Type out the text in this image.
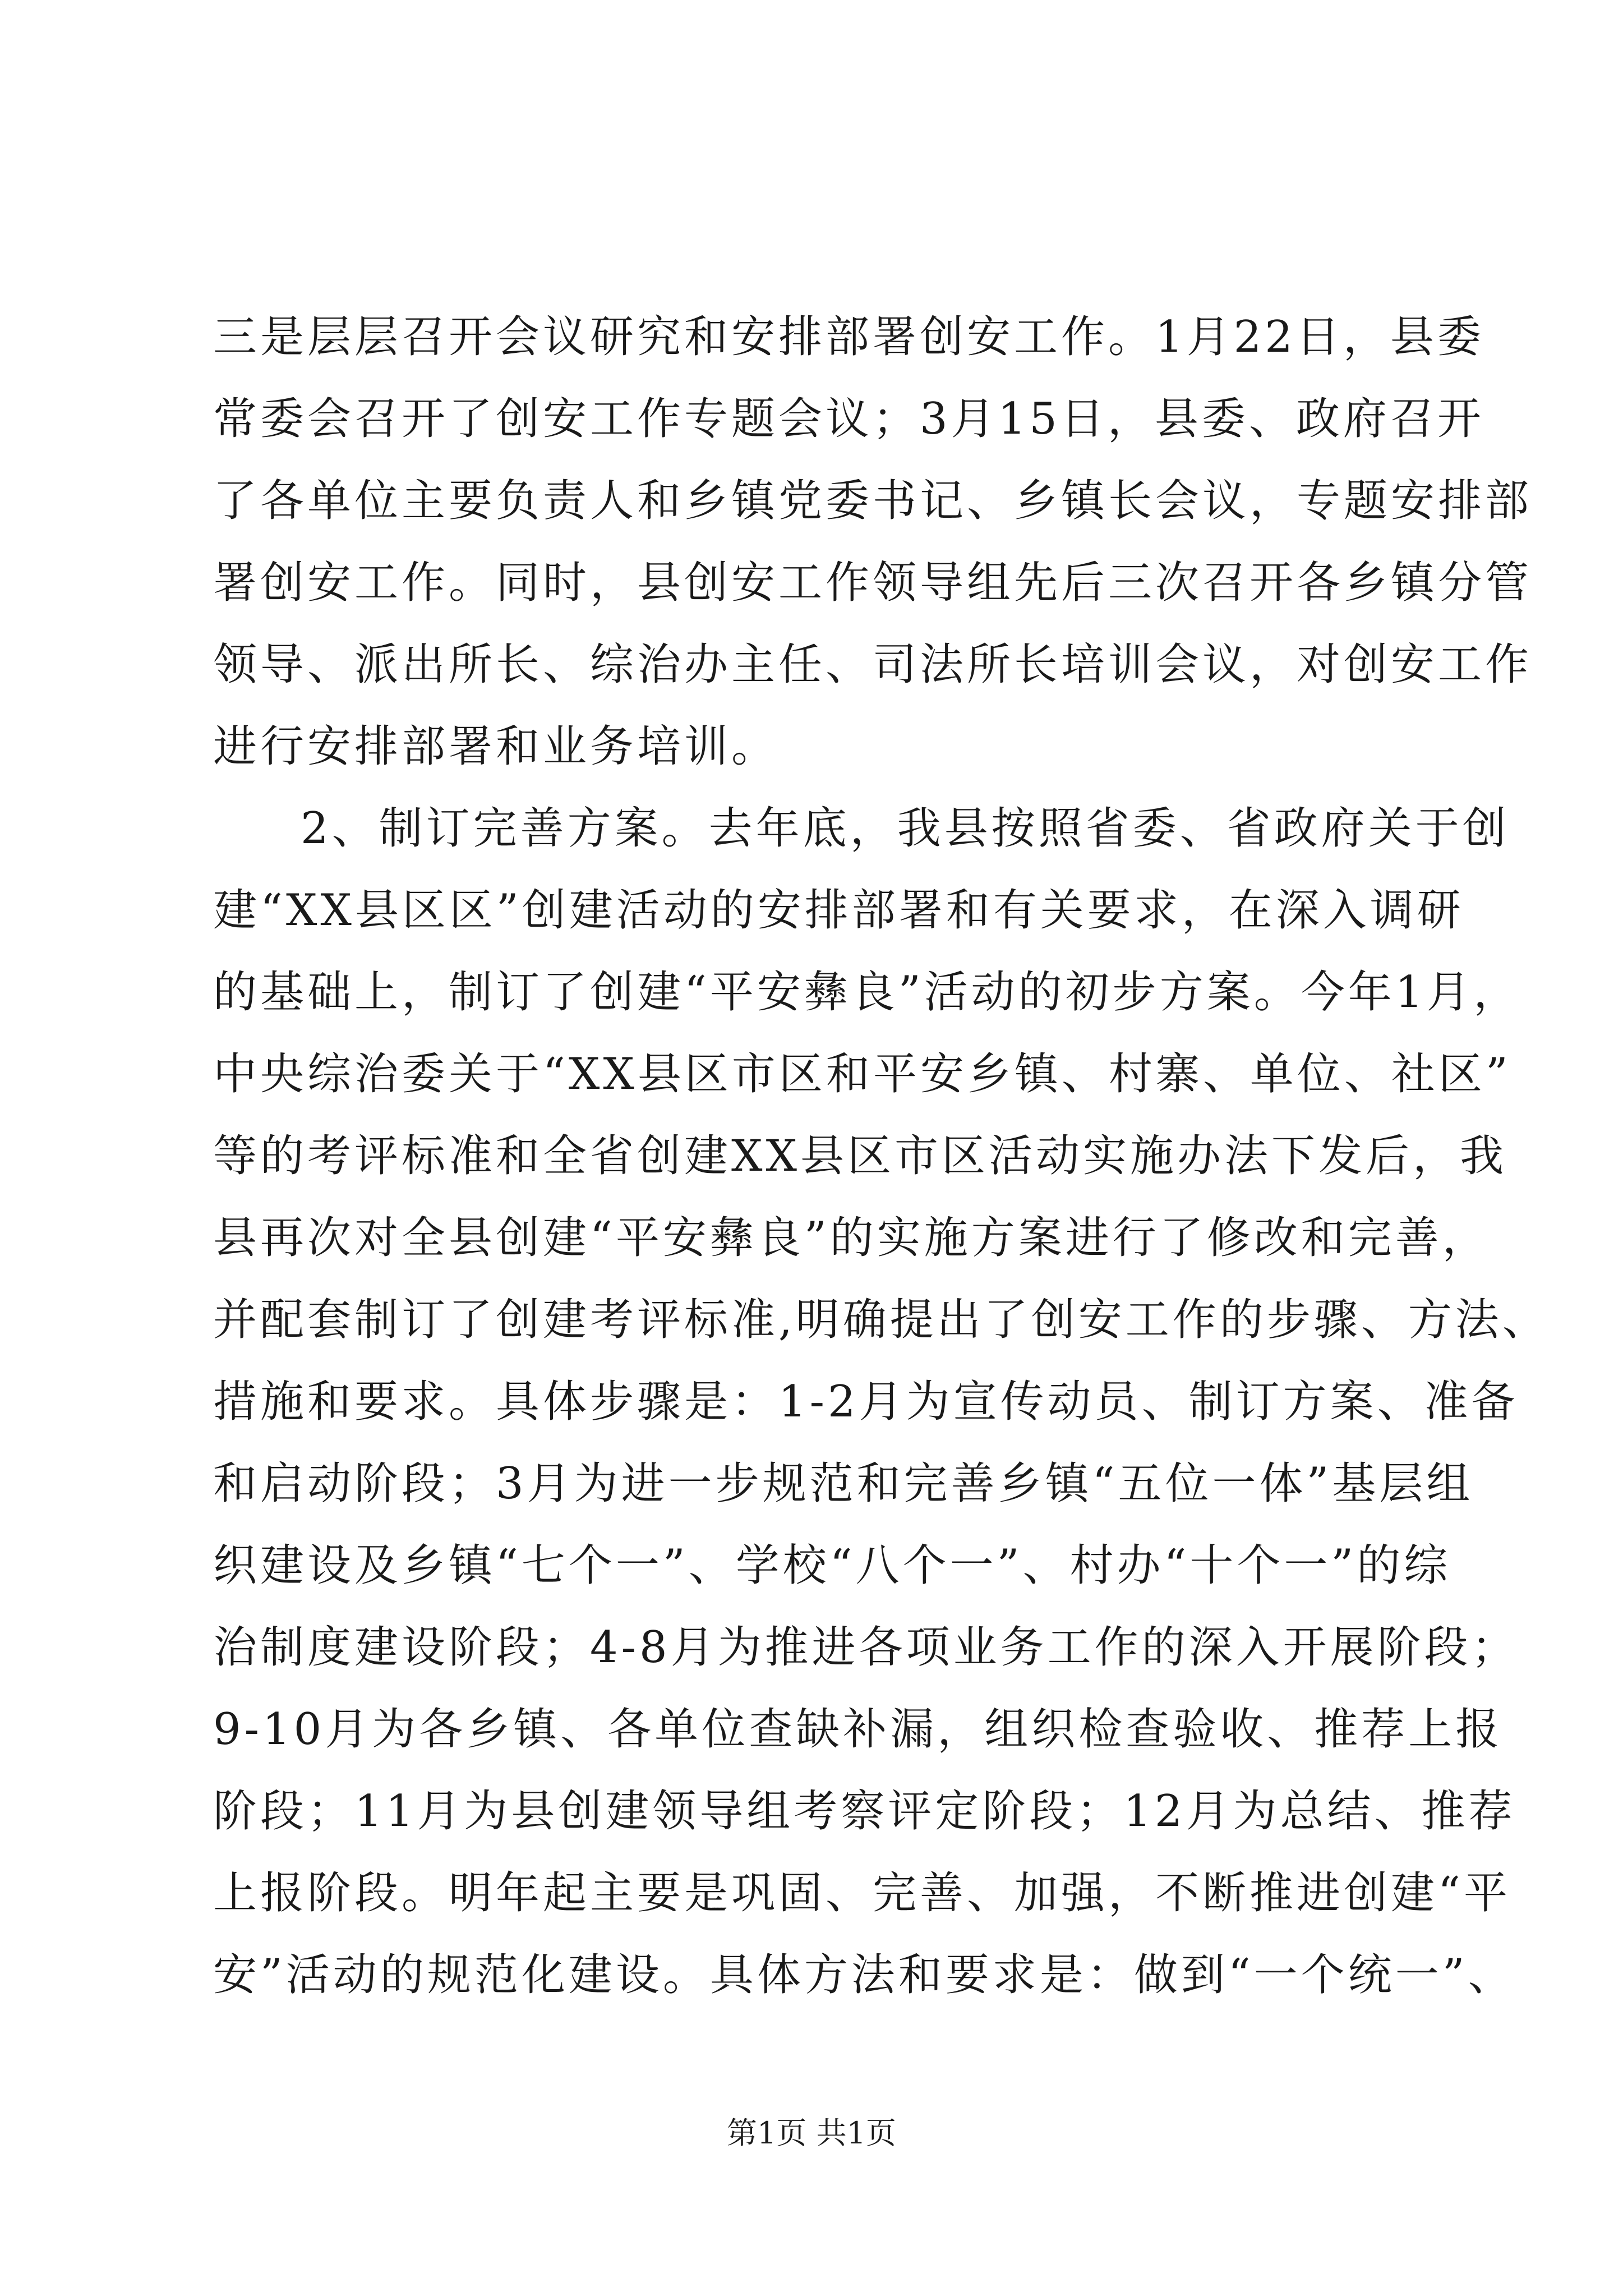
三是层层召开会议研究和安排部署创安工作。1月22日，县委
常委会召开了创安工作专题会议；3月15日，县委、政府召开
了各单位主要负责人和乡镇党委书记、乡镇长会议，专题安排部
署创安工作。同时，县创安工作领导组先后三次召开各乡镇分管
领导、派出所长、综治办主任、司法所长培训会议，对创安工作
进行安排部署和业务培训。
2、制订完善方案。去年底，我县按照省委、省政府关于创
建“XX县区区”创建活动的安排部署和有关要求，在深入调研
的基础上，制订了创建“平安彝良”活动的初步方案。今年1月，
中央综治委关于“XX县区市区和平安乡镇、村寨、单位、社区”
等的考评标准和全省创建XX县区市区活动实施办法下发后，我
县再次对全县创建“平安彝良”的实施方案进行了修改和完善，
并配套制订了创建考评标准,明确提出了创安工作的步骤、方法、
措施和要求。具体步骤是：1-2月为宣传动员、制订方案、准备
和启动阶段；3月为进一步规范和完善乡镇“五位一体”基层组
织建设及乡镇“七个一”、学校“八个一”、村办“十个一”的综
治制度建设阶段；4-8月为推进各项业务工作的深入开展阶段；
9-10月为各乡镇、各单位查缺补漏，组织检查验收、推荐上报
阶段；11月为县创建领导组考察评定阶段；12月为总结、推荐
上报阶段。明年起主要是巩固、完善、加强，不断推进创建“平
安”活动的规范化建设。具体方法和要求是：做到“一个统一”、
第1页 共1页
